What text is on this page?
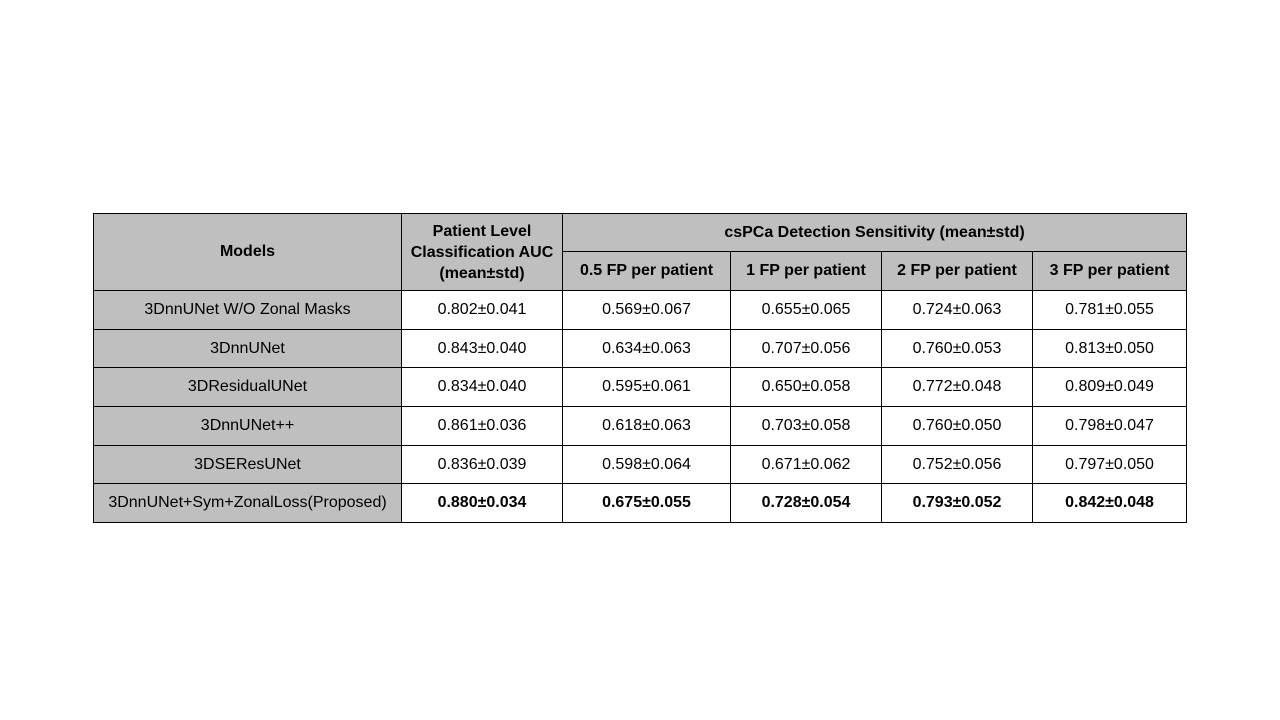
Models	Patient Level Classification AUC (mean±std)	csPCa Detection Sensitivity (mean±std)			
		0.5 FP per patient	1 FP per patient	2 FP per patient	3 FP per patient
3DnnUNet W/O Zonal Masks	0.802±0.041	0.569±0.067	0.655±0.065	0.724±0.063	0.781±0.055
3DnnUNet	0.843±0.040	0.634±0.063	0.707±0.056	0.760±0.053	0.813±0.050
3DResidualUNet	0.834±0.040	0.595±0.061	0.650±0.058	0.772±0.048	0.809±0.049
3DnnUNet++	0.861±0.036	0.618±0.063	0.703±0.058	0.760±0.050	0.798±0.047
3DSEResUNet	0.836±0.039	0.598±0.064	0.671±0.062	0.752±0.056	0.797±0.050
3DnnUNet+Sym+ZonalLoss(Proposed)	0.880±0.034	0.675±0.055	0.728±0.054	0.793±0.052	0.842±0.048
